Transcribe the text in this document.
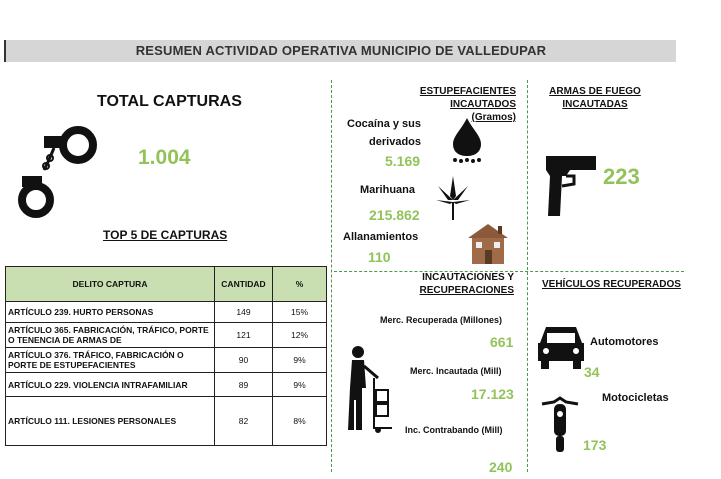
RESUMEN ACTIVIDAD OPERATIVA MUNICIPIO DE VALLEDUPAR
TOTAL CAPTURAS
1.004
TOP 5 DE CAPTURAS
DELITO CAPTURA	CANTIDAD	%
ARTÍCULO 239. HURTO PERSONAS	149	15%
ARTÍCULO 365. FABRICACIÓN, TRÁFICO, PORTE O TENENCIA DE ARMAS DE	121	12%
ARTÍCULO 376. TRÁFICO, FABRICACIÓN O PORTE DE ESTUPEFACIENTES	90	9%
ARTÍCULO 229. VIOLENCIA INTRAFAMILIAR	89	9%
ARTÍCULO 111. LESIONES PERSONALES	82	8%
ESTUPEFACIENTES INCAUTADOS
(Gramos)
Cocaína y sus
derivados
5.169
Marihuana
215.862
Allanamientos
110
ARMAS DE FUEGO
INCAUTADAS
223
INCAUTACIONES Y
RECUPERACIONES
Merc. Recuperada (Millones)
661
Merc. Incautada (Mill)
17.123
Inc. Contrabando (Mill)
240
VEHÍCULOS RECUPERADOS
Automotores
34
Motocicletas
173
